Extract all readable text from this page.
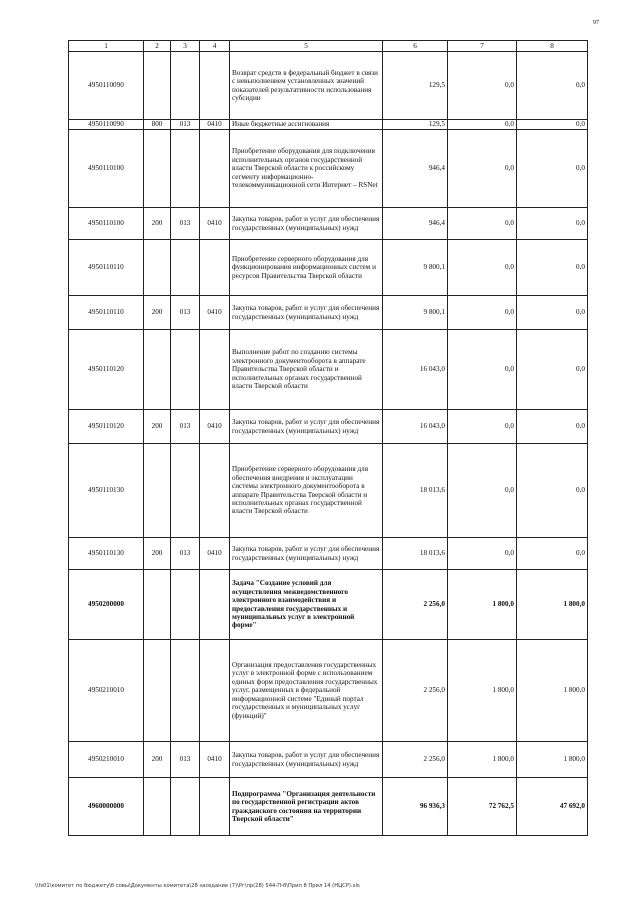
97
1	2	3	4	5	6	7	8
4950110090				Возврат средств в федеральный бюджет в связи с невыполнением установленных значений показателей результативности использования субсидии	129,5	0,0	0,0
4950110090	800	013	0410	Иные бюджетные ассигнования	129,5	0,0	0,0
4950110100				Приобретение оборудования для подключения исполнительных органов государственной власти Тверской области к российскому сегменту информационно-телекоммуникационной сети Интернет – RSNet	946,4	0,0	0,0
4950110100	200	013	0410	Закупка товаров, работ и услуг для обеспечения государственных (муниципальных) нужд	946,4	0,0	0,0
4950110110				Приобретение серверного оборудования для функционирования информационных систем и ресурсов Правительства Тверской области	9 800,1	0,0	0,0
4950110110	200	013	0410	Закупка товаров, работ и услуг для обеспечения государственных (муниципальных) нужд	9 800,1	0,0	0,0
4950110120				Выполнение работ по созданию системы электронного документооборота в аппарате Правительства Тверской области и исполнительных органах государственной власти Тверской области	16 043,0	0,0	0,0
4950110120	200	013	0410	Закупка товаров, работ и услуг для обеспечения государственных (муниципальных) нужд	16 043,0	0,0	0,0
4950110130				Приобретение серверного оборудования для обеспечения внедрения и эксплуатации системы электронного документооборота в аппарате Правительства Тверской области и исполнительных органах государственной власти Тверской области	18 013,6	0,0	0,0
4950110130	200	013	0410	Закупка товаров, работ и услуг для обеспечения государственных (муниципальных) нужд	18 013,6	0,0	0,0
4950200000				Задача "Создание условий для осуществления межведомственного электронного взаимодействия и предоставления государственных и муниципальных услуг в электронной форме"	2 256,0	1 800,0	1 800,0
4950210010				Организация предоставления государственных услуг в электронной форме с использованием единых форм предоставления государственных услуг, размещенных в федеральной информационной системе "Единый портал государственных и муниципальных услуг (функций)"	2 256,0	1 800,0	1 800,0
4950210010	200	013	0410	Закупка товаров, работ и услуг для обеспечения государственных (муниципальных) нужд	2 256,0	1 800,0	1 800,0
4960000000				Подпрограмма "Организация деятельности по государственной регистрации актов гражданского состояния на территории Тверской области"	96 936,3	72 762,5	47 692,0
\\fs01\комитет по бюджету\б совы\Документы комитета\28 заседание (7)\Рг\пр(28) 544-П-б\Прил 8 Прил 14 (НЦСР).xls
